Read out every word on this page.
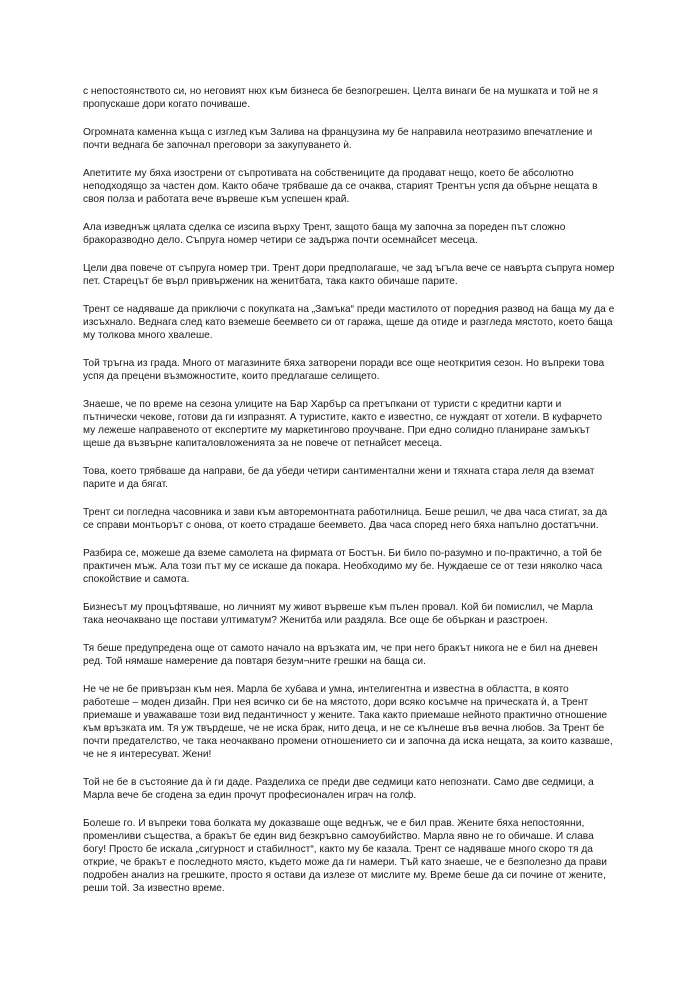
с непостоянството си, но неговият нюх към бизнеса бе безпогрешен. Целта винаги бе на мушката и той не я пропускаше дори когато почиваше.

Огромната каменна къща с изглед към Залива на французина му бе направила неотразимо впечатление и почти веднага бе започнал преговори за закупуването ѝ.

Апетитите му бяха изострени от съпротивата на собствениците да продават нещо, което бе абсолютно неподходящо за частен дом. Както обаче трябваше да се очаква, старият Трентън успя да обърне нещата в своя полза и работата вече вървеше към успешен край.

Ала изведнъж цялата сделка се изсипа върху Трент, защото баща му започна за пореден път сложно бракоразводно дело. Съпруга номер четири се задържа почти осемнайсет месеца.

Цели два повече от съпруга номер три. Трент дори предполагаше, че зад ъгъла вече се навърта съпруга номер пет. Старецът бе върл привърженик на женитбата, така както обичаше парите.

Трент се надяваше да приключи с покупката на „Замъка“ преди мастилото от поредния развод на баща му да е изсъхнало. Веднага след като вземеше беемвето си от гаража, щеше да отиде и разгледа мястото, което баща му толкова много хвалеше.

Той тръгна из града. Много от магазините бяха затворени поради все още неоткрития сезон. Но въпреки това успя да прецени възможностите, които предлагаше селището.

Знаеше, че по време на сезона улиците на Бар Харбър са претъпкани от туристи с кредитни карти и пътнически чекове, готови да ги изпразнят. А туристите, както е известно, се нуждаят от хотели. В куфарчето му лежеше направеното от експертите му маркетингово проучване. При едно солидно планиране замъкът щеше да възвърне капиталовложенията за не повече от петнайсет месеца.

Това, което трябваше да направи, бе да убеди четири сантиментални жени и тяхната стара леля да вземат парите и да бягат.

Трент си погледна часовника и зави към авторемонтната работилница. Беше решил, че два часа стигат, за да се справи монтьорът с онова, от което страдаше беемвето. Два часа според него бяха напълно достатъчни.

Разбира се, можеше да вземе самолета на фирмата от Бостън. Би било по-разумно и по-практично, а той бе практичен мъж. Ала този път му се искаше да покара. Необходимо му бе. Нуждаеше се от тези няколко часа спокойствие и самота.

Бизнесът му процъфтяваше, но личният му живот вървеше към пълен провал. Кой би помислил, че Марла така неочаквано ще постави ултиматум? Женитба или раздяла. Все още бе объркан и разстроен.

Тя беше предупредена още от самото начало на връзката им, че при него бракът никога не е бил на дневен ред. Той нямаше намерение да повтаря безум¬ните грешки на баща си.

Не че не бе привързан към нея. Марла бе хубава и умна, интелигентна и известна в областта, в която работеше – моден дизайн. При нея всичко си бе на мястото, дори всяко косъмче на прическата ѝ, а Трент приемаше и уважаваше този вид педантичност у жените. Така както приемаше нейното практично отношение към връзката им. Тя уж твърдеше, че не иска брак, нито деца, и не се кълнеше във вечна любов. За Трент бе почти предателство, че така неочаквано промени отношението си и започна да иска нещата, за които казваше, че не я интересуват. Жени!

Той не бе в състояние да ѝ ги даде. Разделиха се преди две седмици като непознати. Само две седмици, а Марла вече бе сгодена за един прочут професионален играч на голф.

Болеше го. И въпреки това болката му доказваше още веднъж, че е бил прав. Жените бяха непостоянни, променливи същества, а бракът бе един вид безкръвно самоубийство. Марла явно не го обичаше. И слава богу! Просто бе искала „сигурност и стабилност“, както му бе казала. Трент се надяваше много скоро тя да открие, че бракът е последното място, където може да ги намери. Тъй като знаеше, че е безполезно да прави подробен анализ на грешките, просто я остави да излезе от мислите му. Време беше да си почине от жените, реши той. За известно време.
